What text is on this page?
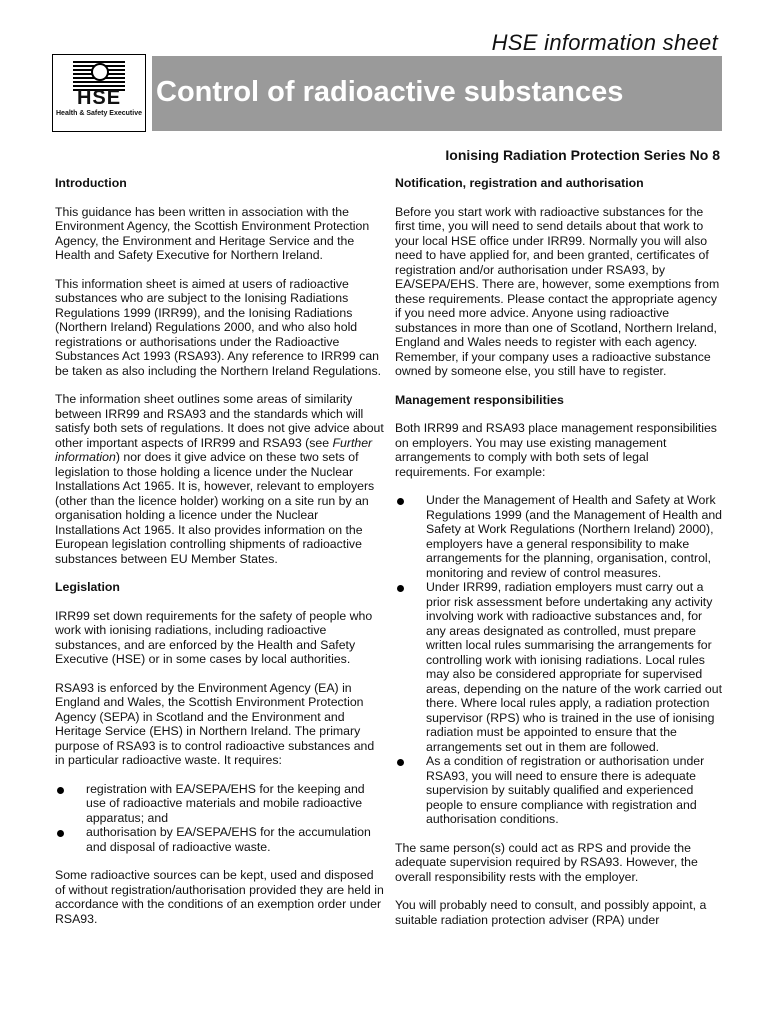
HSE information sheet
HSE
Health & Safety Executive
Control of radioactive substances
Ionising Radiation Protection Series No 8
Introduction

This guidance has been written in association with the Environment Agency, the Scottish Environment Protection Agency, the Environment and Heritage Service and the Health and Safety Executive for Northern Ireland.

This information sheet is aimed at users of radioactive substances who are subject to the Ionising Radiations Regulations 1999 (IRR99), and the Ionising Radiations (Northern Ireland) Regulations 2000, and who also hold registrations or authorisations under the Radioactive Substances Act 1993 (RSA93). Any reference to IRR99 can be taken as also including the Northern Ireland Regulations.

The information sheet outlines some areas of similarity between IRR99 and RSA93 and the standards which will satisfy both sets of regulations. It does not give advice about other important aspects of IRR99 and RSA93 (see Further information) nor does it give advice on these two sets of legislation to those holding a licence under the Nuclear Installations Act 1965. It is, however, relevant to employers (other than the licence holder) working on a site run by an organisation holding a licence under the Nuclear Installations Act 1965. It also provides information on the European legislation controlling shipments of radioactive substances between EU Member States.

Legislation

IRR99 set down requirements for the safety of people who work with ionising radiations, including radioactive substances, and are enforced by the Health and Safety Executive (HSE) or in some cases by local authorities.

RSA93 is enforced by the Environment Agency (EA) in England and Wales, the Scottish Environment Protection Agency (SEPA) in Scotland and the Environment and Heritage Service (EHS) in Northern Ireland. The primary purpose of RSA93 is to control radioactive substances and in particular radioactive waste. It requires:

registration with EA/SEPA/EHS for the keeping and use of radioactive materials and mobile radioactive apparatus; and
authorisation by EA/SEPA/EHS for the accumulation and disposal of radioactive waste.

Some radioactive sources can be kept, used and disposed of without registration/authorisation provided they are held in accordance with the conditions of an exemption order under RSA93.

Notification, registration and authorisation

Before you start work with radioactive substances for the first time, you will need to send details about that work to your local HSE office under IRR99. Normally you will also need to have applied for, and been granted, certificates of registration and/or authorisation under RSA93, by EA/SEPA/EHS. There are, however, some exemptions from these requirements. Please contact the appropriate agency if you need more advice. Anyone using radioactive substances in more than one of Scotland, Northern Ireland, England and Wales needs to register with each agency. Remember, if your company uses a radioactive substance owned by someone else, you still have to register.

Management responsibilities

Both IRR99 and RSA93 place management responsibilities on employers. You may use existing management arrangements to comply with both sets of legal requirements. For example:

Under the Management of Health and Safety at Work Regulations 1999 (and the Management of Health and Safety at Work Regulations (Northern Ireland) 2000), employers have a general responsibility to make arrangements for the planning, organisation, control, monitoring and review of control measures.
Under IRR99, radiation employers must carry out a prior risk assessment before undertaking any activity involving work with radioactive substances and, for any areas designated as controlled, must prepare written local rules summarising the arrangements for controlling work with ionising radiations. Local rules may also be considered appropriate for supervised areas, depending on the nature of the work carried out there. Where local rules apply, a radiation protection supervisor (RPS) who is trained in the use of ionising radiation must be appointed to ensure that the arrangements set out in them are followed.
As a condition of registration or authorisation under RSA93, you will need to ensure there is adequate supervision by suitably qualified and experienced people to ensure compliance with registration and authorisation conditions.

The same person(s) could act as RPS and provide the adequate supervision required by RSA93. However, the overall responsibility rests with the employer.

You will probably need to consult, and possibly appoint, a suitable radiation protection adviser (RPA) under
